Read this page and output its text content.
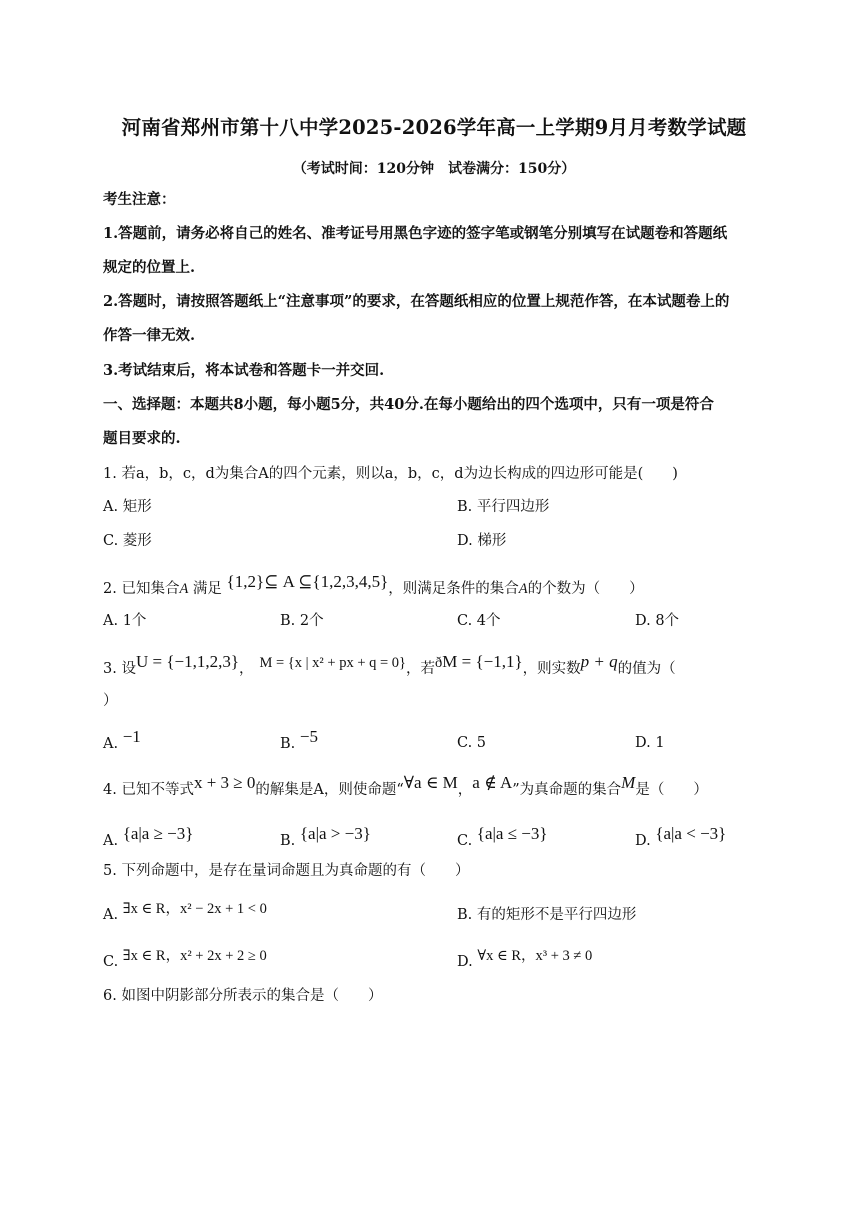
河南省郑州市第十八中学2025-2026学年高一上学期9月月考数学试题
（考试时间：120分钟　试卷满分：150分）
考生注意：
1.答题前，请务必将自己的姓名、准考证号用黑色字迹的签字笔或钢笔分别填写在试题卷和答题纸
规定的位置上.
2.答题时，请按照答题纸上“注意事项”的要求，在答题纸相应的位置上规范作答，在本试题卷上的
作答一律无效.
3.考试结束后，将本试卷和答题卡一并交回.
一、选择题：本题共8小题，每小题5分，共40分.在每小题给出的四个选项中，只有一项是符合
题目要求的.
1. 若a，b，c，d为集合A的四个元素，则以a，b，c，d为边长构成的四边形可能是(　　)
A. 矩形	B. 平行四边形
C. 菱形	D. 梯形
2. 已知集合A 满足 {1,2}⊆ A ⊆{1,2,3,4,5}，则满足条件的集合A的个数为（　　）
A. 1个	B. 2个	C. 4个	D. 8个
3. 设U = {−1,1,2,3}， M = {x | x² + px + q = 0}，若ðM = {−1,1}，则实数p + q的值为（
）
A. −1	B. −5	C. 5	D. 1
4. 已知不等式x + 3 ≥ 0的解集是A，则使命题“∀a ∈ M，a ∉ A”为真命题的集合M是（　　）
A. {a|a ≥ −3}	B. {a|a > −3}	C. {a|a ≤ −3}	D. {a|a < −3}
5. 下列命题中，是存在量词命题且为真命题的有（　　）
A. ∃x ∈ R，x² − 2x + 1 < 0	B. 有的矩形不是平行四边形
C. ∃x ∈ R，x² + 2x + 2 ≥ 0	D. ∀x ∈ R，x³ + 3 ≠ 0
6. 如图中阴影部分所表示的集合是（　　）
